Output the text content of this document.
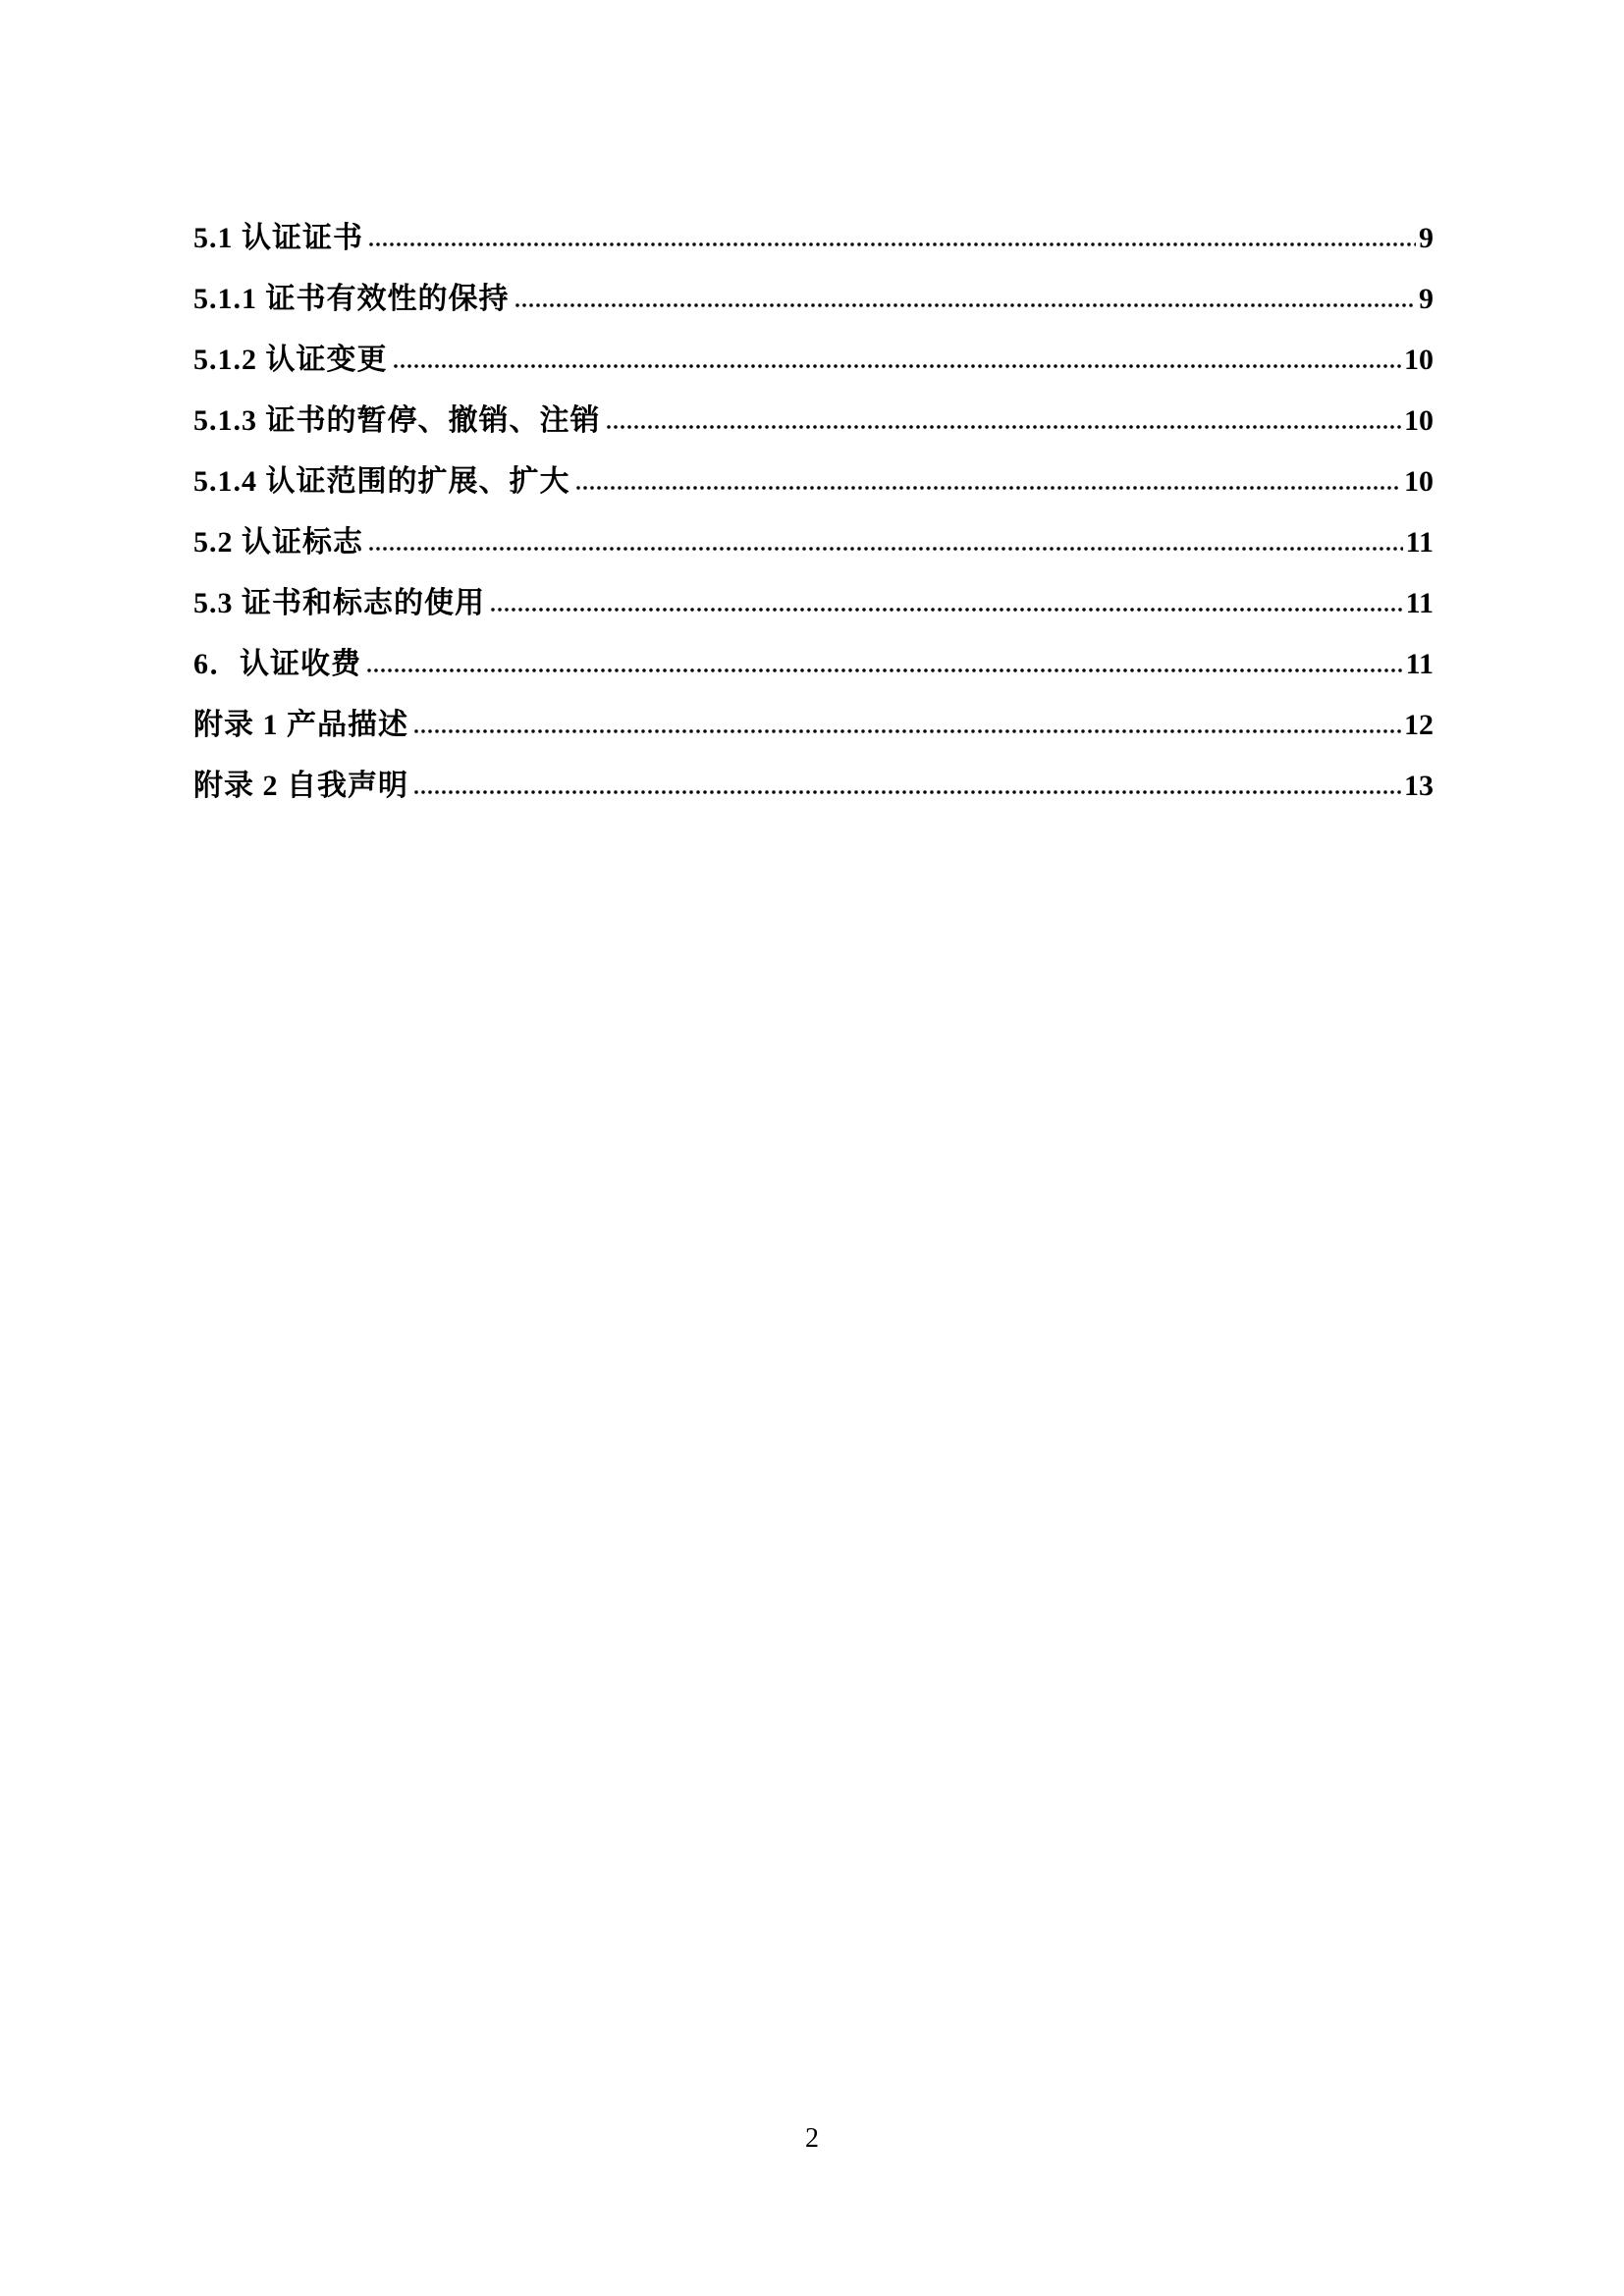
5.1 认证证书	9
5.1.1 证书有效性的保持	9
5.1.2 认证变更	10
5.1.3 证书的暂停、撤销、注销	10
5.1.4 认证范围的扩展、扩大	10
5.2 认证标志	11
5.3 证书和标志的使用	11
6．认证收费	11
附录 1 产品描述	12
附录 2 自我声明	13
2
